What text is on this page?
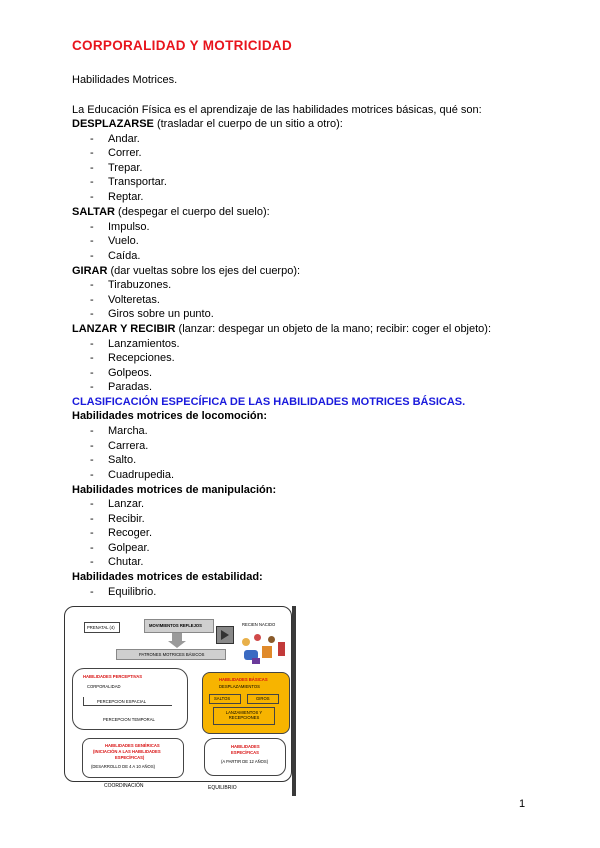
CORPORALIDAD Y MOTRICIDAD
Habilidades Motrices.
La Educación Física es el aprendizaje de las habilidades motrices básicas, qué son:
DESPLAZARSE (trasladar el cuerpo de un sitio a otro):
- Andar.
- Correr.
- Trepar.
- Transportar.
- Reptar.
SALTAR (despegar el cuerpo del suelo):
- Impulso.
- Vuelo.
- Caída.
GIRAR (dar vueltas sobre los ejes del cuerpo):
- Tirabuzones.
- Volteretas.
- Giros sobre un punto.
LANZAR Y RECIBIR (lanzar: despegar un objeto de la mano; recibir: coger el objeto):
- Lanzamientos.
- Recepciones.
- Golpeos.
- Paradas.
CLASIFICACIÓN ESPECÍFICA DE LAS HABILIDADES MOTRICES BÁSICAS.
Habilidades motrices de locomoción:
- Marcha.
- Carrera.
- Salto.
- Cuadrupedia.
Habilidades motrices de manipulación:
- Lanzar.
- Recibir.
- Recoger.
- Golpear.
- Chutar.
Habilidades motrices de estabilidad:
- Equilibrio.
PRENATAL (4)	MOVIMIENTOS REFLEJOS	RECIEN NACIDO
PATRONES MOTRICES BÁSICOS
HABILIDADES PERCEPTIVAS
CORPORALIDAD
PERCEPCION ESPACIAL
PERCEPCION TEMPORAL
HABILIDADES BÁSICAS
DESPLAZAMIENTOS
SALTOS	GIROS
LANZAMIENTOS Y RECEPCIONES
HABILIDADES GENÉRICAS
(INICIACIÓN A LAS HABILIDADES
ESPECÍFICAS)
(DESARROLLO DE 4 A 10 AÑOS)
HABILIDADES
ESPECÍFICAS
(A PARTIR DE 12 AÑOS)
COORDINACIÓN	EQUILIBRIO
1
